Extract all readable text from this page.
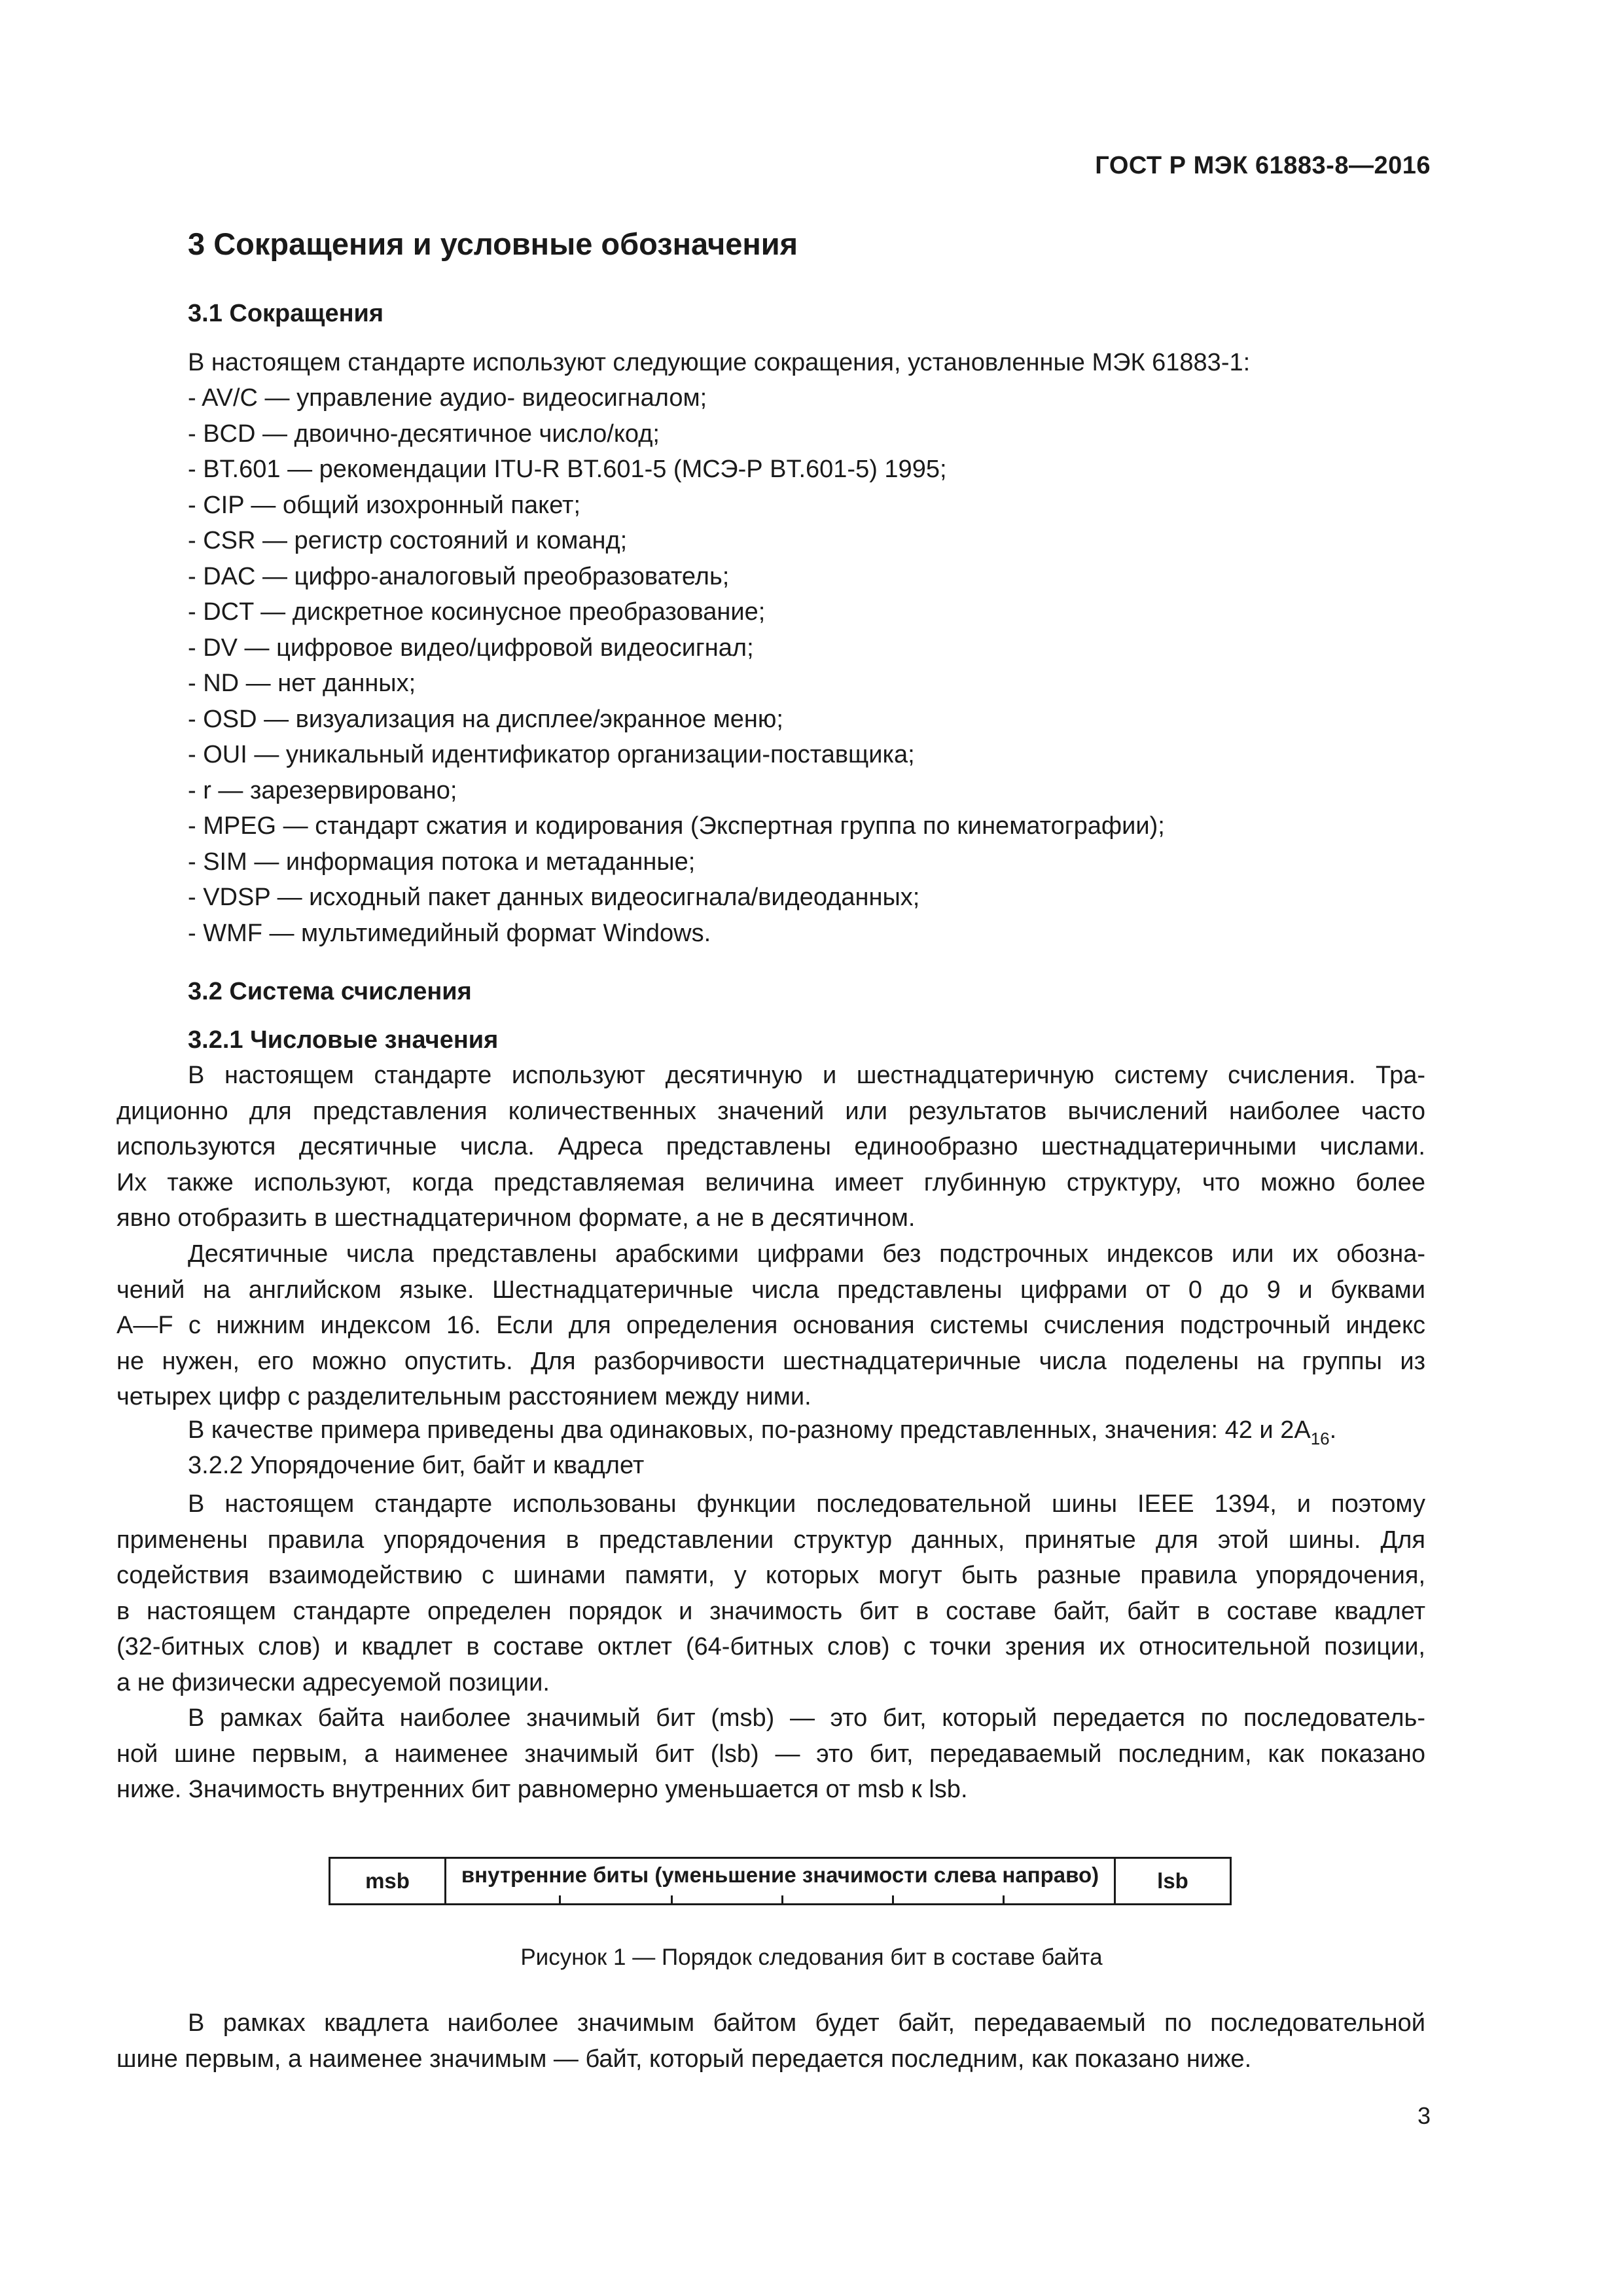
ГОСТ Р МЭК 61883-8—2016
3 Сокращения и условные обозначения
3.1 Сокращения
В настоящем стандарте используют следующие сокращения, установленные МЭК 61883-1:
- AV/C — управление аудио- видеосигналом;
- BCD — двоично-десятичное число/код;
- BT.601 — рекомендации ITU-R BT.601-5 (МСЭ-Р BT.601-5) 1995;
- CIP — общий изохронный пакет;
- CSR — регистр состояний и команд;
- DAC — цифро-аналоговый преобразователь;
- DCT — дискретное косинусное преобразование;
- DV — цифровое видео/цифровой видеосигнал;
- ND — нет данных;
- OSD — визуализация на дисплее/экранное меню;
- OUI — уникальный идентификатор организации-поставщика;
- r — зарезервировано;
- MPEG — стандарт сжатия и кодирования (Экспертная группа по кинематографии);
- SIM — информация потока и метаданные;
- VDSP — исходный пакет данных видеосигнала/видеоданных;
- WMF — мультимедийный формат Windows.
3.2 Система счисления
3.2.1 Числовые значения
В настоящем стандарте используют десятичную и шестнадцатеричную систему счисления. Тра-
диционно для представления количественных значений или результатов вычислений наиболее часто
используются десятичные числа. Адреса представлены единообразно шестнадцатеричными числами.
Их также используют, когда представляемая величина имеет глубинную структуру, что можно более
явно отобразить в шестнадцатеричном формате, а не в десятичном.
Десятичные числа представлены арабскими цифрами без подстрочных индексов или их обозна-
чений на английском языке. Шестнадцатеричные числа представлены цифрами от 0 до 9 и буквами
A—F с нижним индексом 16. Если для определения основания системы счисления подстрочный индекс
не нужен, его можно опустить. Для разборчивости шестнадцатеричные числа поделены на группы из
четырех цифр с разделительным расстоянием между ними.
В качестве примера приведены два одинаковых, по-разному представленных, значения: 42 и $2A_{16}$.
3.2.2 Упорядочение бит, байт и квадлет
В настоящем стандарте использованы функции последовательной шины IEEE 1394, и поэтому
применены правила упорядочения в представлении структур данных, принятые для этой шины. Для
содействия взаимодействию с шинами памяти, у которых могут быть разные правила упорядочения,
в настоящем стандарте определен порядок и значимость бит в составе байт, байт в составе квадлет
(32-битных слов) и квадлет в составе октлет (64-битных слов) с точки зрения их относительной позиции,
а не физически адресуемой позиции.
В рамках байта наиболее значимый бит (msb) — это бит, который передается по последователь-
ной шине первым, а наименее значимый бит (lsb) — это бит, передаваемый последним, как показано
ниже. Значимость внутренних бит равномерно уменьшается от msb к lsb.
msb внутренние биты (уменьшение значимости слева направо)	lsb
Рисунок 1 — Порядок следования бит в составе байта
В рамках квадлета наиболее значимым байтом будет байт, передаваемый по последовательной
шине первым, а наименее значимым — байт, который передается последним, как показано ниже.
3
